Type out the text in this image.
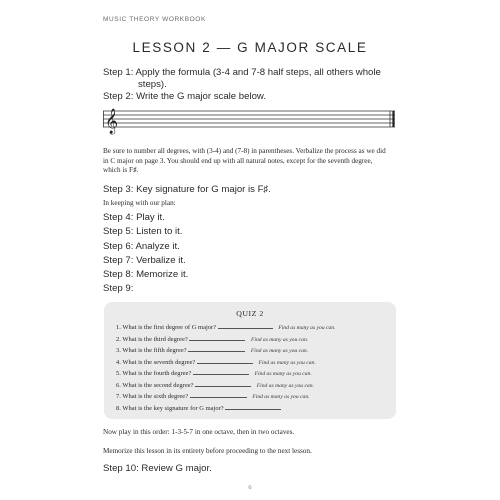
MUSIC THEORY WORKBOOK
LESSON 2 — G MAJOR SCALE
Step 1: Apply the formula (3-4 and 7-8 half steps, all others whole
steps).
Step 2: Write the G major scale below.
𝄞
Be sure to number all degrees, with (3-4) and (7-8) in parentheses. Verbalize the process as we did
in C major on page 3. You should end up with all natural notes, except for the seventh degree,
which is F♯.
Step 3: Key signature for G major is F♯.
In keeping with our plan:
Step 4: Play it.
Step 5: Listen to it.
Step 6: Analyze it.
Step 7: Verbalize it.
Step 8: Memorize it.
Step 9:
QUIZ 2
1. What is the first degree of G major?	Find as many as you can.
2. What is the third degree?	Find as many as you can.
3. What is the fifth degree?	Find as many as you can.
4. What is the seventh degree?	Find as many as you can.
5. What is the fourth degree?	Find as many as you can.
6. What is the second degree?	Find as many as you can.
7. What is the sixth degree?	Find as many as you can.
8. What is the key signature for G major?
Now play in this order: 1-3-5-7 in one octave, then in two octaves.
Memorize this lesson in its entirety before proceeding to the next lesson.
Step 10: Review G major.
6
